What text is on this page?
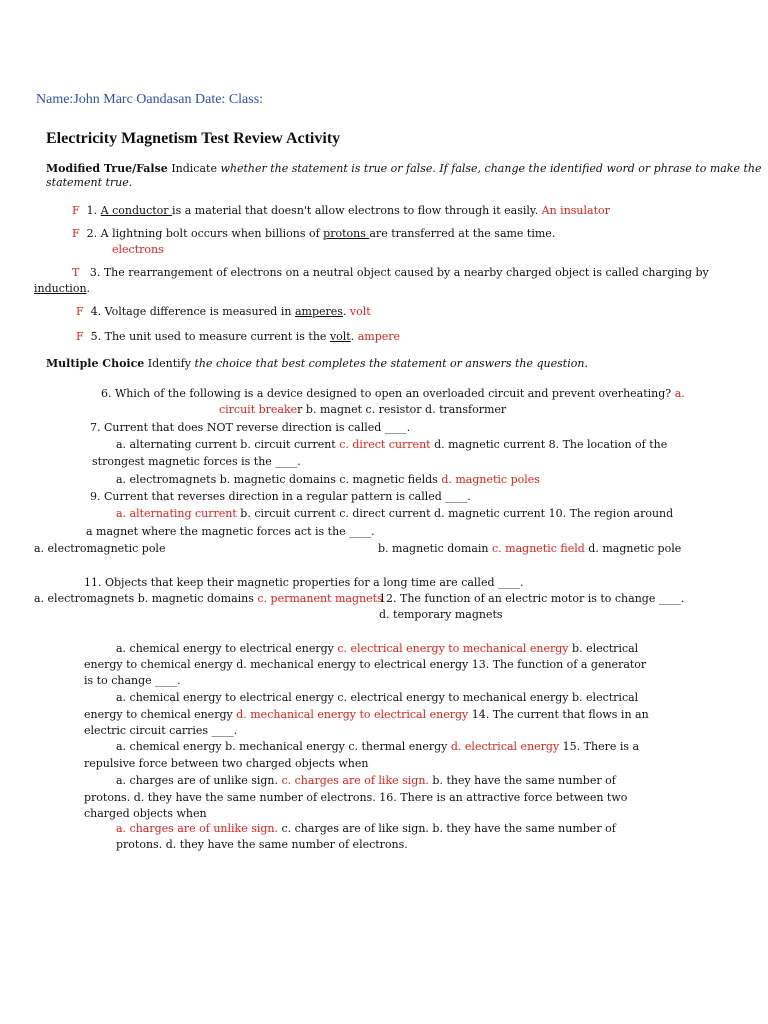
Name:John Marc Oandasan Date: Class:
Electricity Magnetism Test Review Activity

Modified True/False Indicate whether the statement is true or false. If false, change the identified word or phrase to make the

statement true.

F 1. A conductor is a material that doesn't allow electrons to flow through it easily. An insulator

F 2. A lightning bolt occurs when billions of protons are transferred at the same time.

electrons

T 3. The rearrangement of electrons on a neutral object caused by a nearby charged object is called charging by

induction.

F 4. Voltage difference is measured in amperes. volt

F 5. The unit used to measure current is the volt. ampere

Multiple Choice Identify the choice that best completes the statement or answers the question.

6. Which of the following is a device designed to open an overloaded circuit and prevent overheating? a.

circuit breaker b. magnet c. resistor d. transformer

7. Current that does NOT reverse direction is called ____.

a. alternating current b. circuit current c. direct current d. magnetic current 8. The location of the

strongest magnetic forces is the ____.

a. electromagnets b. magnetic domains c. magnetic fields d. magnetic poles

9. Current that reverses direction in a regular pattern is called ____.

a. alternating current b. circuit current c. direct current d. magnetic current 10. The region around

a magnet where the magnetic forces act is the ____.

a. electromagnetic pole	b. magnetic domain c. magnetic field d. magnetic pole

11. Objects that keep their magnetic properties for a long time are called ____.

a. electromagnets b. magnetic domains c. permanent magnets

12. The function of an electric motor is to change ____.

d. temporary magnets

a. chemical energy to electrical energy c. electrical energy to mechanical energy b. electrical

energy to chemical energy d. mechanical energy to electrical energy 13. The function of a generator

is to change ____.

a. chemical energy to electrical energy c. electrical energy to mechanical energy b. electrical

energy to chemical energy d. mechanical energy to electrical energy 14. The current that flows in an

electric circuit carries ____.

a. chemical energy b. mechanical energy c. thermal energy d. electrical energy 15. There is a

repulsive force between two charged objects when

a. charges are of unlike sign. c. charges are of like sign. b. they have the same number of

protons. d. they have the same number of electrons. 16. There is an attractive force between two

charged objects when

a. charges are of unlike sign. c. charges are of like sign. b. they have the same number of

protons. d. they have the same number of electrons.
